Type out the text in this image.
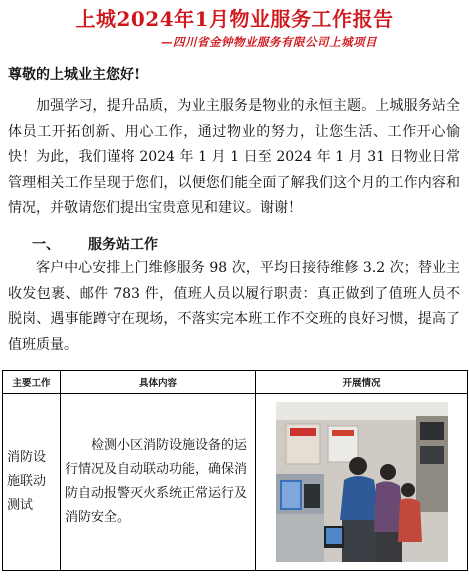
上城2024年1月物业服务工作报告
—四川省金钟物业服务有限公司上城项目
尊敬的上城业主您好!
加强学习，提升品质，为业主服务是物业的永恒主题。上城服务站全体员工开拓创新、用心工作，通过物业的努力，让您生活、工作开心愉快！为此，我们谨将 2024 年 1 月 1 日至 2024 年 1 月 31 日物业日常管理相关工作呈现于您们，以便您们能全面了解我们这个月的工作内容和情况，并敬请您们提出宝贵意见和建议。谢谢！
一、 服务站工作
客户中心安排上门维修服务 98 次，平均日接待维修 3.2 次；替业主收发包裹、邮件 783 件，值班人员以履行职责：真正做到了值班人员不脱岗、遇事能蹲守在现场，不落实完本班工作不交班的良好习惯，提高了值班质量。
主要工作	具体内容	开展情况
消防设施联动测试	检测小区消防设施设备的运行情况及自动联动功能，确保消防自动报警灭火系统正常运行及消防安全。	
